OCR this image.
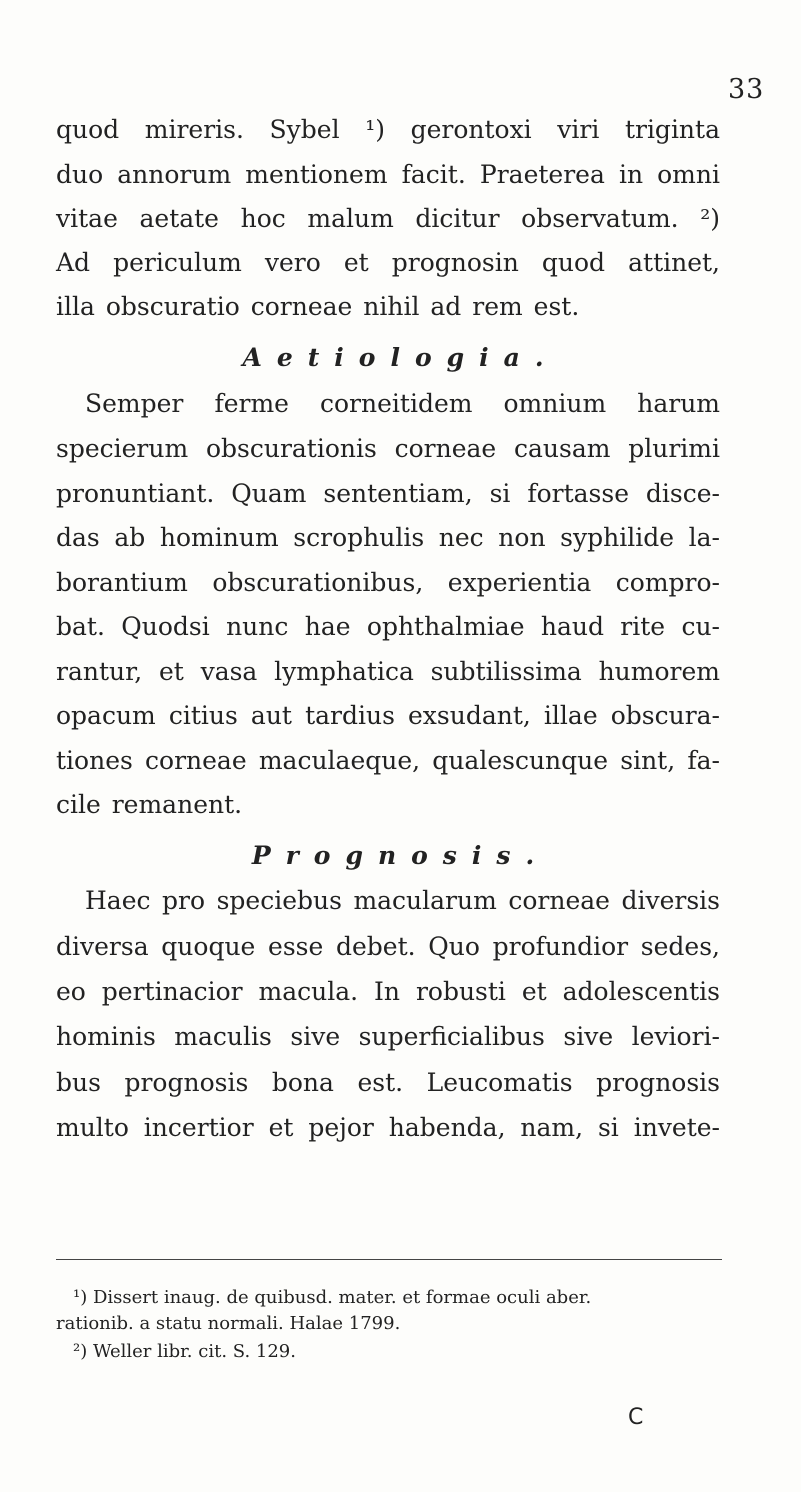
33
quod mireris. Sybel ¹) gerontoxi viri triginta
duo annorum mentionem facit. Praeterea in omni
vitae aetate hoc malum dicitur observatum. ²)
Ad periculum vero et prognosin quod attinet,
illa obscuratio corneae nihil ad rem est.
Aetiologia.
Semper ferme corneitidem omnium harum
specierum obscurationis corneae causam plurimi
pronuntiant. Quam sententiam, si fortasse disce-
das ab hominum scrophulis nec non syphilide la-
borantium obscurationibus, experientia compro-
bat. Quodsi nunc hae ophthalmiae haud rite cu-
rantur, et vasa lymphatica subtilissima humorem
opacum citius aut tardius exsudant, illae obscura-
tiones corneae maculaeque, qualescunque sint, fa-
cile remanent.
Prognosis.
Haec pro speciebus macularum corneae diversis
diversa quoque esse debet. Quo profundior sedes,
eo pertinacior macula. In robusti et adolescentis
hominis maculis sive superficialibus sive leviori-
bus prognosis bona est. Leucomatis prognosis
multo incertior et pejor habenda, nam, si invete-
¹) Dissert inaug. de quibusd. mater. et formae oculi aber.
rationib. a statu normali. Halae 1799.
²) Weller libr. cit. S. 129.
C
